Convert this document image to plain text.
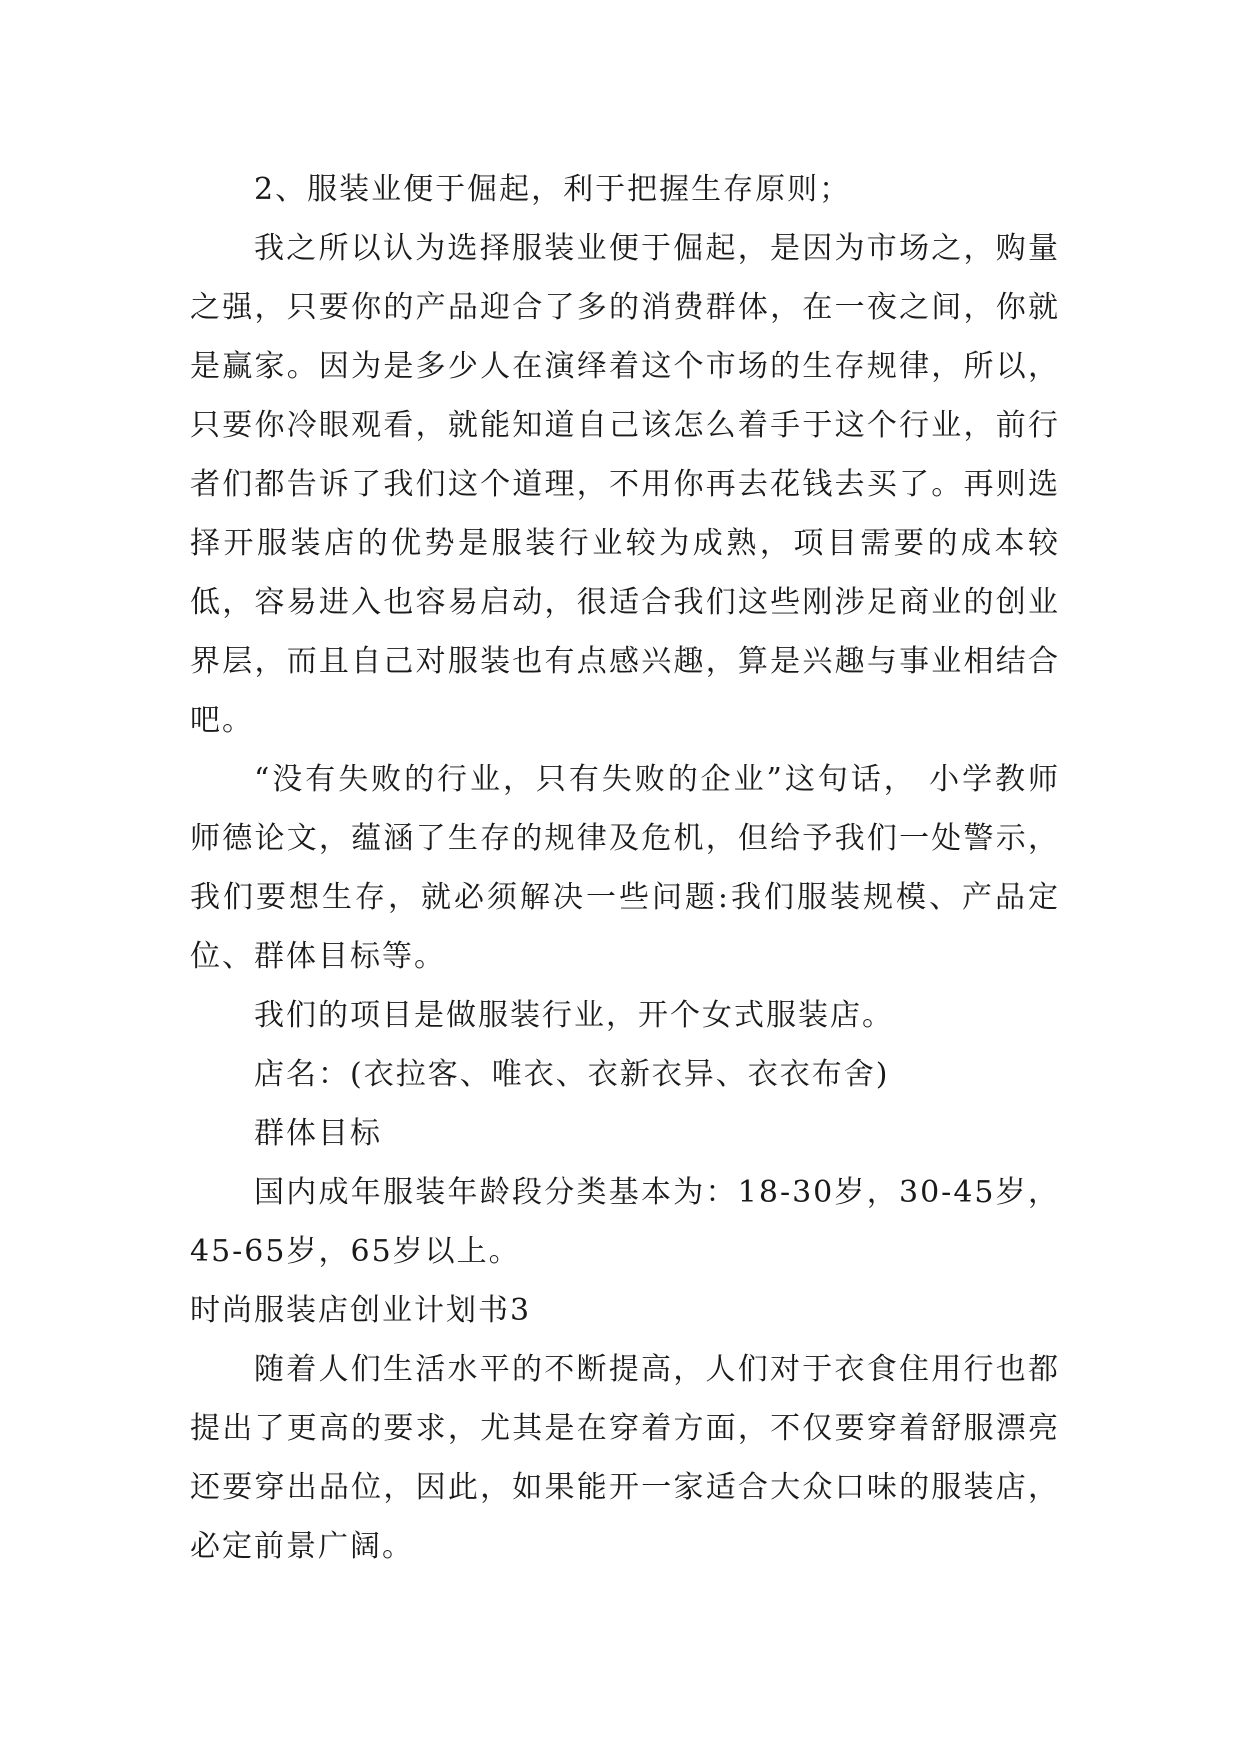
2、服装业便于倔起，利于把握生存原则；

我之所以认为选择服装业便于倔起，是因为市场之，购量之强，只要你的产品迎合了多的消费群体，在一夜之间，你就是赢家。因为是多少人在演绎着这个市场的生存规律，所以，只要你冷眼观看，就能知道自己该怎么着手于这个行业，前行者们都告诉了我们这个道理，不用你再去花钱去买了。再则选择开服装店的优势是服装行业较为成熟，项目需要的成本较低，容易进入也容易启动，很适合我们这些刚涉足商业的创业界层，而且自己对服装也有点感兴趣，算是兴趣与事业相结合吧。

“没有失败的行业，只有失败的企业”这句话， 小学教师师德论文，蕴涵了生存的规律及危机，但给予我们一处警示，我们要想生存，就必须解决一些问题:我们服装规模、产品定位、群体目标等。

我们的项目是做服装行业，开个女式服装店。

店名：(衣拉客、唯衣、衣新衣异、衣衣布舍)

群体目标

国内成年服装年龄段分类基本为：18-30岁，30-45岁，45-65岁，65岁以上。

时尚服装店创业计划书3

随着人们生活水平的不断提高，人们对于衣食住用行也都提出了更高的要求，尤其是在穿着方面，不仅要穿着舒服漂亮还要穿出品位，因此，如果能开一家适合大众口味的服装店，必定前景广阔。
